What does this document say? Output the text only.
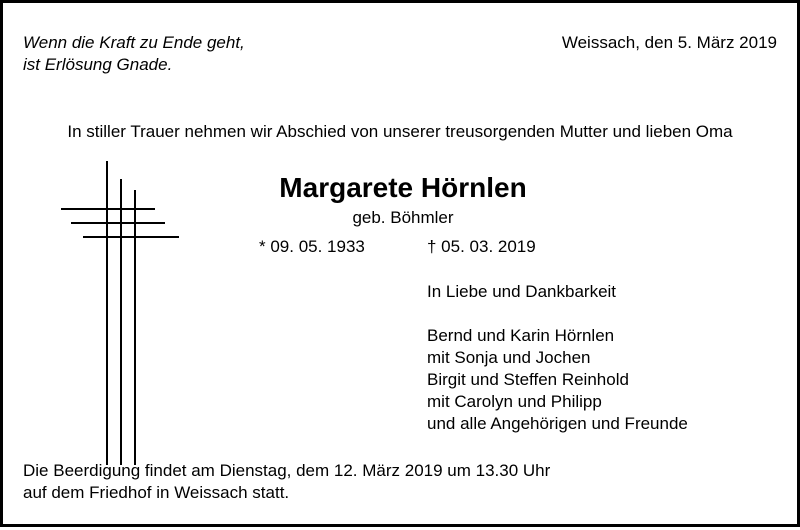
Wenn die Kraft zu Ende geht,
ist Erlösung Gnade.
Weissach, den 5. März 2019
In stiller Trauer nehmen wir Abschied von unserer treusorgenden Mutter und lieben Oma
Margarete Hörnlen
geb. Böhmler
* 09. 05. 1933	† 05. 03. 2019
In Liebe und Dankbarkeit
Bernd und Karin Hörnlen
mit Sonja und Jochen
Birgit und Steffen Reinhold
mit Carolyn und Philipp
und alle Angehörigen und Freunde
Die Beerdigung findet am Dienstag, dem 12. März 2019 um 13.30 Uhr
auf dem Friedhof in Weissach statt.
